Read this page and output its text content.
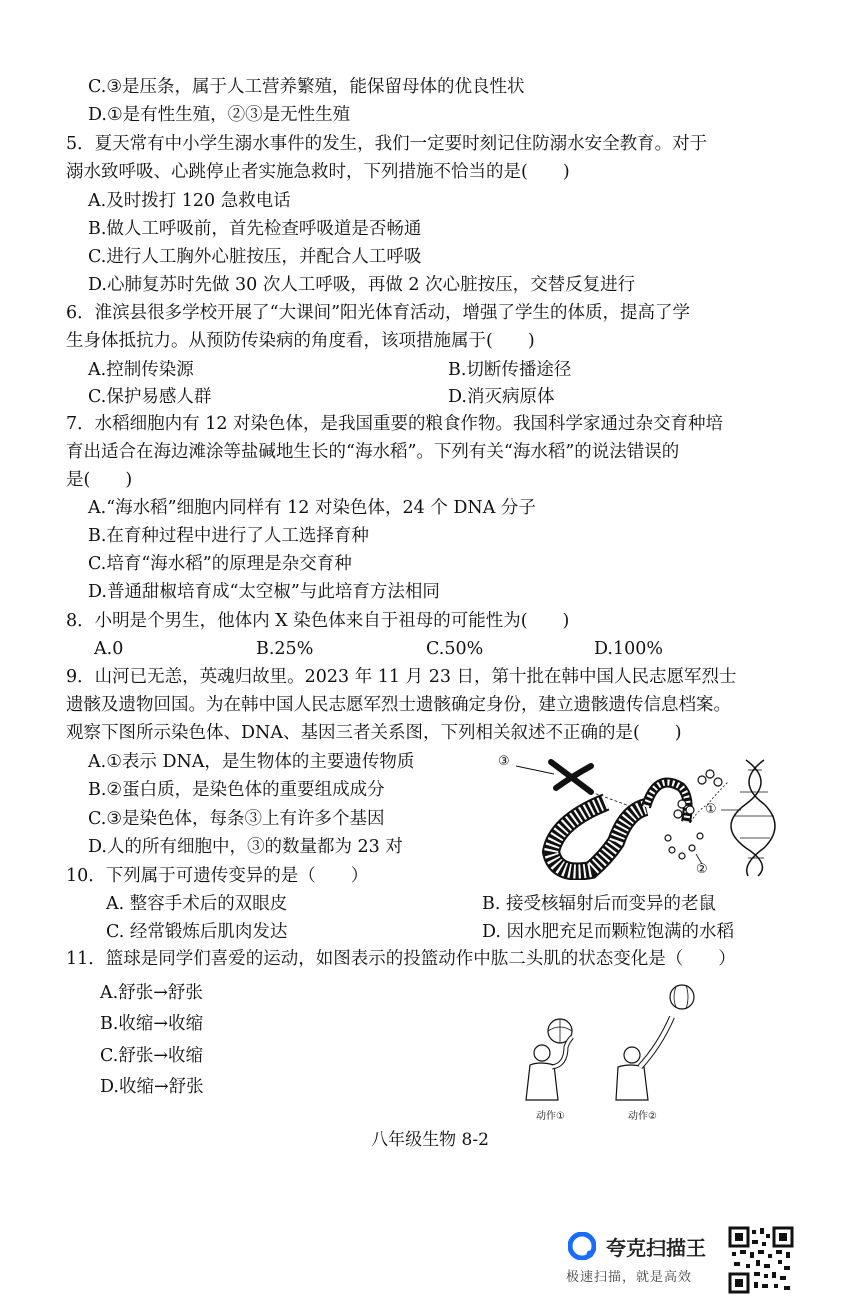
C.③是压条，属于人工营养繁殖，能保留母体的优良性状
D.①是有性生殖，②③是无性生殖
5．夏天常有中小学生溺水事件的发生，我们一定要时刻记住防溺水安全教育。对于
溺水致呼吸、心跳停止者实施急救时，下列措施不恰当的是(　　)
A.及时拨打 120 急救电话
B.做人工呼吸前，首先检查呼吸道是否畅通
C.进行人工胸外心脏按压，并配合人工呼吸
D.心肺复苏时先做 30 次人工呼吸，再做 2 次心脏按压，交替反复进行
6．淮滨县很多学校开展了“大课间”阳光体育活动，增强了学生的体质，提高了学
生身体抵抗力。从预防传染病的角度看，该项措施属于(　　)
A.控制传染源	B.切断传播途径
C.保护易感人群	D.消灭病原体
7．水稻细胞内有 12 对染色体，是我国重要的粮食作物。我国科学家通过杂交育种培
育出适合在海边滩涂等盐碱地生长的“海水稻”。下列有关“海水稻”的说法错误的
是(　　)
A.“海水稻”细胞内同样有 12 对染色体，24 个 DNA 分子
B.在育种过程中进行了人工选择育种
C.培育“海水稻”的原理是杂交育种
D.普通甜椒培育成“太空椒”与此培育方法相同
8．小明是个男生，他体内 X 染色体来自于祖母的可能性为(　　)
A.0	B.25%	C.50%	D.100%
9．山河已无恙，英魂归故里。2023 年 11 月 23 日，第十批在韩中国人民志愿军烈士
遗骸及遗物回国。为在韩中国人民志愿军烈士遗骸确定身份，建立遗骸遗传信息档案。
观察下图所示染色体、DNA、基因三者关系图，下列相关叙述不正确的是(　　)
A.①表示 DNA，是生物体的主要遗传物质
B.②蛋白质，是染色体的重要组成成分
C.③是染色体，每条③上有许多个基因
D.人的所有细胞中，③的数量都为 23 对
③
①
②
10．下列属于可遗传变异的是（　　）
A. 整容手术后的双眼皮	B. 接受核辐射后而变异的老鼠
C. 经常锻炼后肌肉发达	D. 因水肥充足而颗粒饱满的水稻
11．篮球是同学们喜爱的运动，如图表示的投篮动作中肱二头肌的状态变化是（　　）
A.舒张→舒张
B.收缩→收缩
C.舒张→收缩
D.收缩→舒张
动作①	动作②
八年级生物 8-2
夸克扫描王
极速扫描，就是高效
